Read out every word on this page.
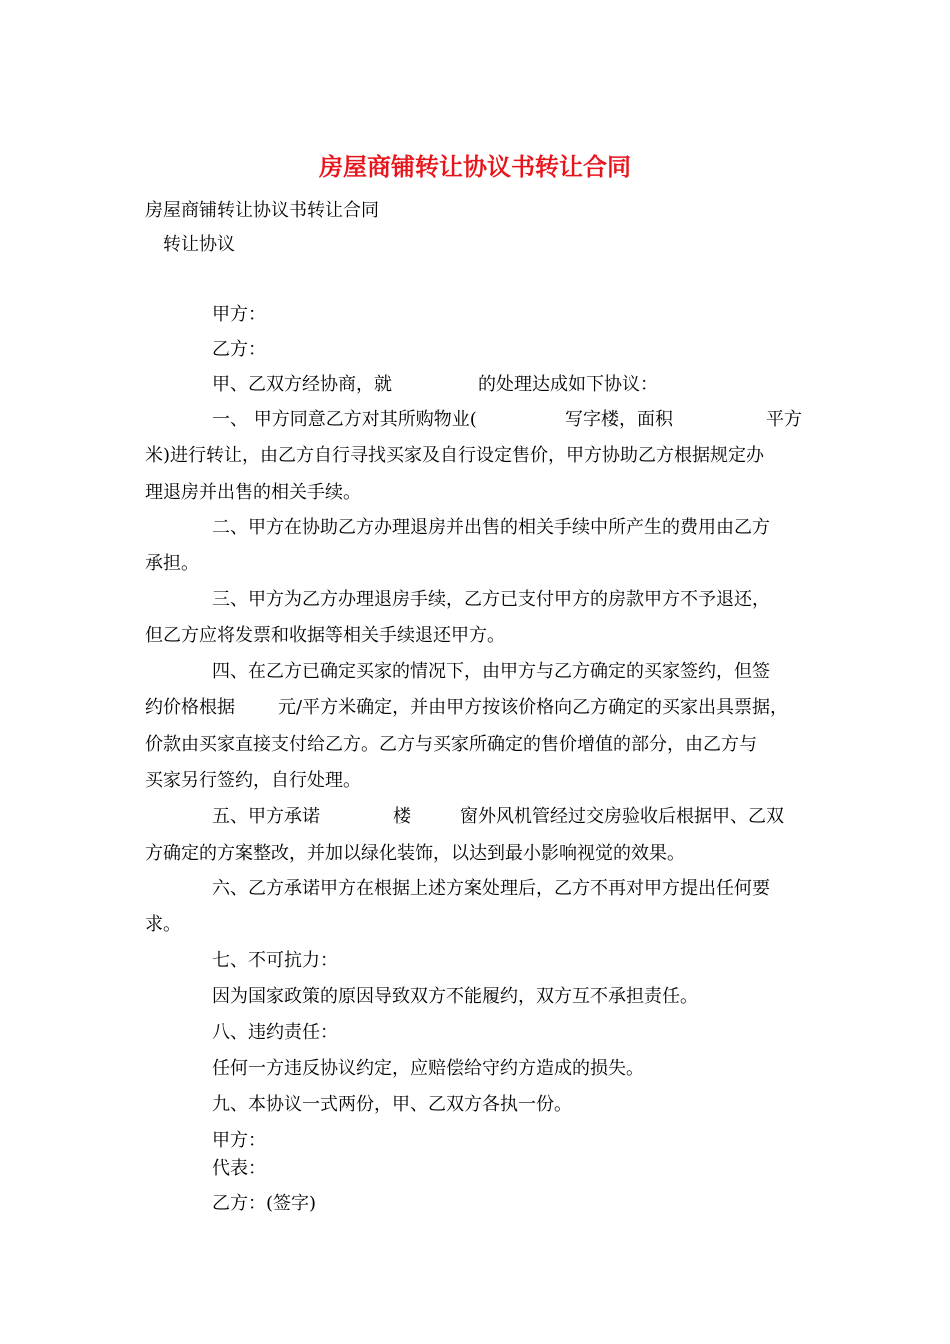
房屋商铺转让协议书转让合同
房屋商铺转让协议书转让合同
转让协议
甲方：
乙方：
甲、乙双方经协商，就	的处理达成如下协议：
一、 甲方同意乙方对其所购物业(	写字楼，面积	平方
米)进行转让，由乙方自行寻找买家及自行设定售价，甲方协助乙方根据规定办
理退房并出售的相关手续。
二、甲方在协助乙方办理退房并出售的相关手续中所产生的费用由乙方
承担。
三、甲方为乙方办理退房手续，乙方已支付甲方的房款甲方不予退还，
但乙方应将发票和收据等相关手续退还甲方。
四、在乙方已确定买家的情况下，由甲方与乙方确定的买家签约，但签
约价格根据 元/平方米确定，并由甲方按该价格向乙方确定的买家出具票据，
价款由买家直接支付给乙方。乙方与买家所确定的售价增值的部分，由乙方与
买家另行签约，自行处理。
五、甲方承诺	楼	窗外风机管经过交房验收后根据甲、乙双
方确定的方案整改，并加以绿化装饰，以达到最小影响视觉的效果。
六、乙方承诺甲方在根据上述方案处理后，乙方不再对甲方提出任何要
求。
七、不可抗力：
因为国家政策的原因导致双方不能履约，双方互不承担责任。
八、违约责任：
任何一方违反协议约定，应赔偿给守约方造成的损失。
九、本协议一式两份，甲、乙双方各执一份。
甲方：
代表：
乙方：(签字)
